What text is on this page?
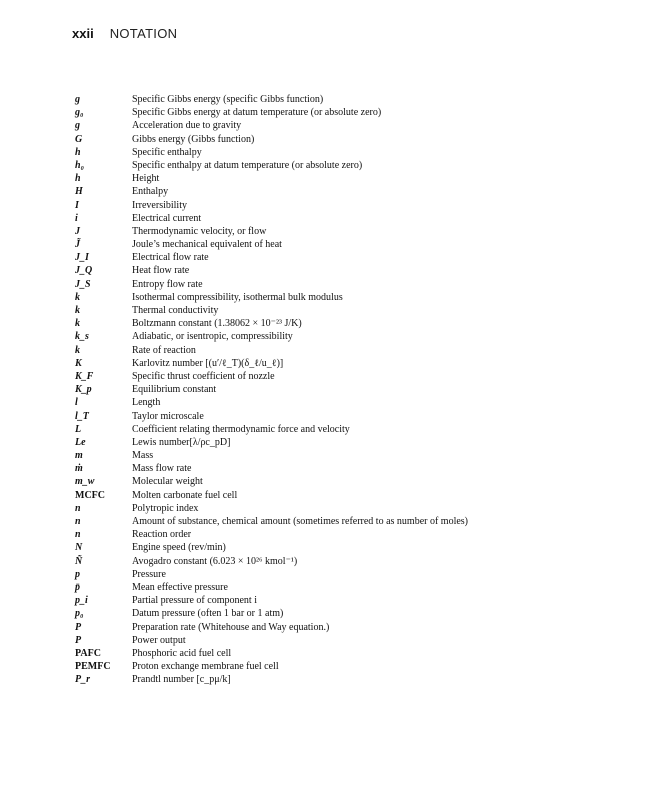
xxii NOTATION
g	Specific Gibbs energy (specific Gibbs function)
g₀	Specific Gibbs energy at datum temperature (or absolute zero)
g	Acceleration due to gravity
G	Gibbs energy (Gibbs function)
h	Specific enthalpy
h₀	Specific enthalpy at datum temperature (or absolute zero)
h	Height
H	Enthalpy
I	Irreversibility
i	Electrical current
J	Thermodynamic velocity, or flow
J̃	Joule’s mechanical equivalent of heat
J_I	Electrical flow rate
J_Q	Heat flow rate
J_S	Entropy flow rate
k	Isothermal compressibility, isothermal bulk modulus
k	Thermal conductivity
k	Boltzmann constant (1.38062 × 10⁻²³ J/K)
k_s	Adiabatic, or isentropic, compressibility
k	Rate of reaction
K	Karlovitz number [(u′/ℓ_T)(δ_ℓ/u_ℓ)]
K_F	Specific thrust coefficient of nozzle
K_p	Equilibrium constant
l	Length
l_T	Taylor microscale
L	Coefficient relating thermodynamic force and velocity
Le	Lewis number[λ/ρc_pD]
m	Mass
ṁ	Mass flow rate
m_w	Molecular weight
MCFC	Molten carbonate fuel cell
n	Polytropic index
n	Amount of substance, chemical amount (sometimes referred to as number of moles)
n	Reaction order
N	Engine speed (rev/min)
Ñ	Avogadro constant (6.023 × 10²⁶ kmol⁻¹)
p	Pressure
p̄	Mean effective pressure
p_i	Partial pressure of component i
p₀	Datum pressure (often 1 bar or 1 atm)
P	Preparation rate (Whitehouse and Way equation.)
P	Power output
PAFC	Phosphoric acid fuel cell
PEMFC	Proton exchange membrane fuel cell
P_r	Prandtl number [c_pμ/k]
